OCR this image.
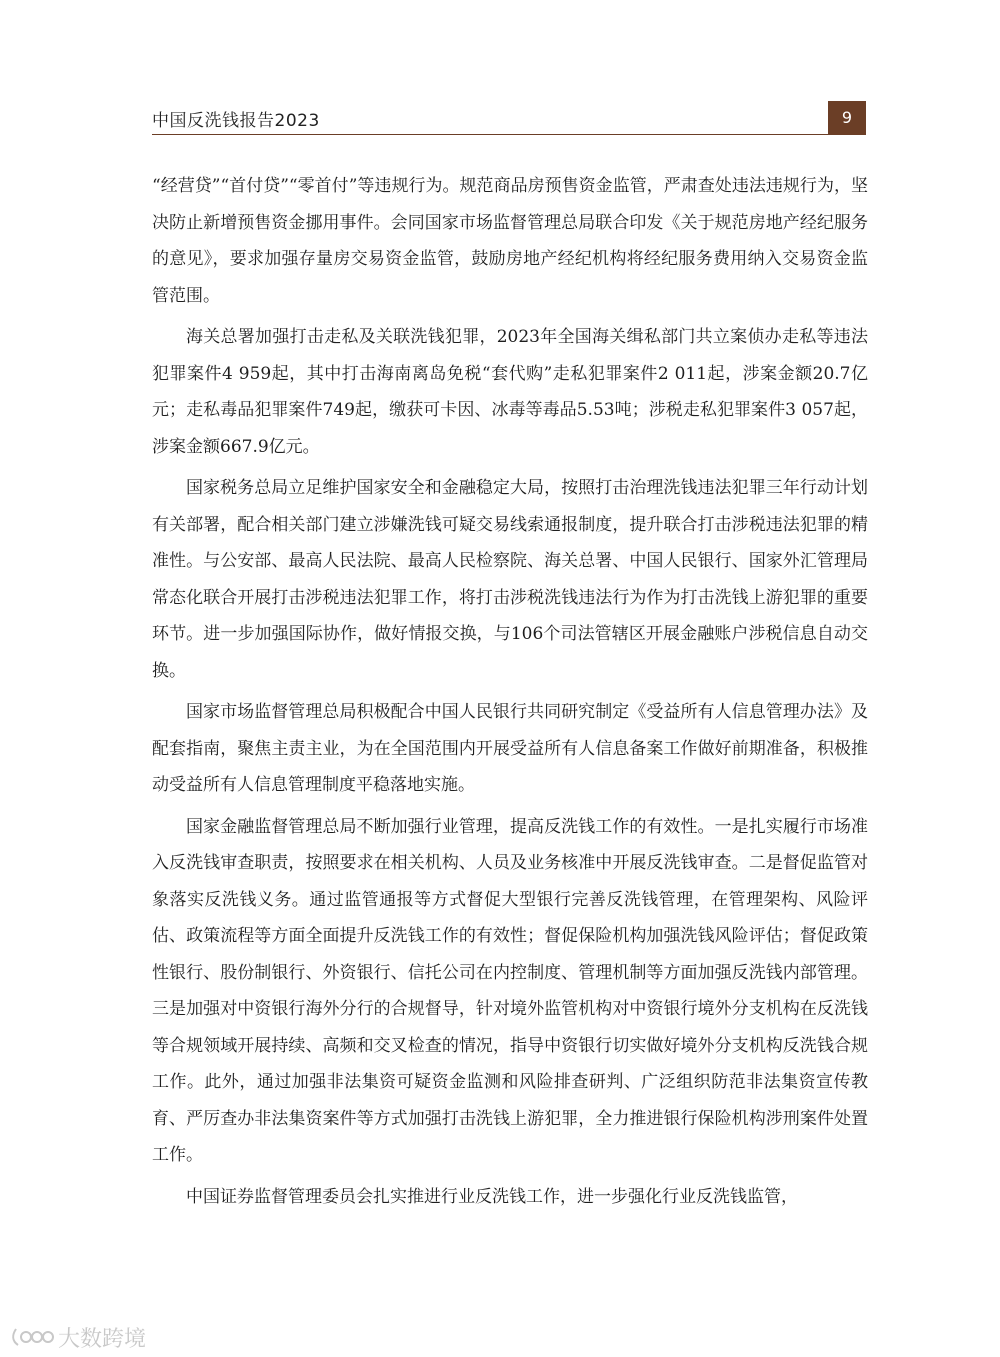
中国反洗钱报告2023	9

“经营贷”“首付贷”“零首付”等违规行为。规范商品房预售资金监管，严肃查处违法违规行为，坚决防止新增预售资金挪用事件。会同国家市场监督管理总局联合印发《关于规范房地产经纪服务的意见》，要求加强存量房交易资金监管，鼓励房地产经纪机构将经纪服务费用纳入交易资金监管范围。

海关总署加强打击走私及关联洗钱犯罪，2023年全国海关缉私部门共立案侦办走私等违法犯罪案件4 959起，其中打击海南离岛免税“套代购”走私犯罪案件2 011起，涉案金额20.7亿元；走私毒品犯罪案件749起，缴获可卡因、冰毒等毒品5.53吨；涉税走私犯罪案件3 057起，涉案金额667.9亿元。

国家税务总局立足维护国家安全和金融稳定大局，按照打击治理洗钱违法犯罪三年行动计划有关部署，配合相关部门建立涉嫌洗钱可疑交易线索通报制度，提升联合打击涉税违法犯罪的精准性。与公安部、最高人民法院、最高人民检察院、海关总署、中国人民银行、国家外汇管理局常态化联合开展打击涉税违法犯罪工作，将打击涉税洗钱违法行为作为打击洗钱上游犯罪的重要环节。进一步加强国际协作，做好情报交换，与106个司法管辖区开展金融账户涉税信息自动交换。

国家市场监督管理总局积极配合中国人民银行共同研究制定《受益所有人信息管理办法》及配套指南，聚焦主责主业，为在全国范围内开展受益所有人信息备案工作做好前期准备，积极推动受益所有人信息管理制度平稳落地实施。

国家金融监督管理总局不断加强行业管理，提高反洗钱工作的有效性。一是扎实履行市场准入反洗钱审查职责，按照要求在相关机构、人员及业务核准中开展反洗钱审查。二是督促监管对象落实反洗钱义务。通过监管通报等方式督促大型银行完善反洗钱管理，在管理架构、风险评估、政策流程等方面全面提升反洗钱工作的有效性；督促保险机构加强洗钱风险评估；督促政策性银行、股份制银行、外资银行、信托公司在内控制度、管理机制等方面加强反洗钱内部管理。三是加强对中资银行海外分行的合规督导，针对境外监管机构对中资银行境外分支机构在反洗钱等合规领域开展持续、高频和交叉检查的情况，指导中资银行切实做好境外分支机构反洗钱合规工作。此外，通过加强非法集资可疑资金监测和风险排查研判、广泛组织防范非法集资宣传教育、严厉查办非法集资案件等方式加强打击洗钱上游犯罪，全力推进银行保险机构涉刑案件处置工作。

中国证券监督管理委员会扎实推进行业反洗钱工作，进一步强化行业反洗钱监管，

大数跨境
